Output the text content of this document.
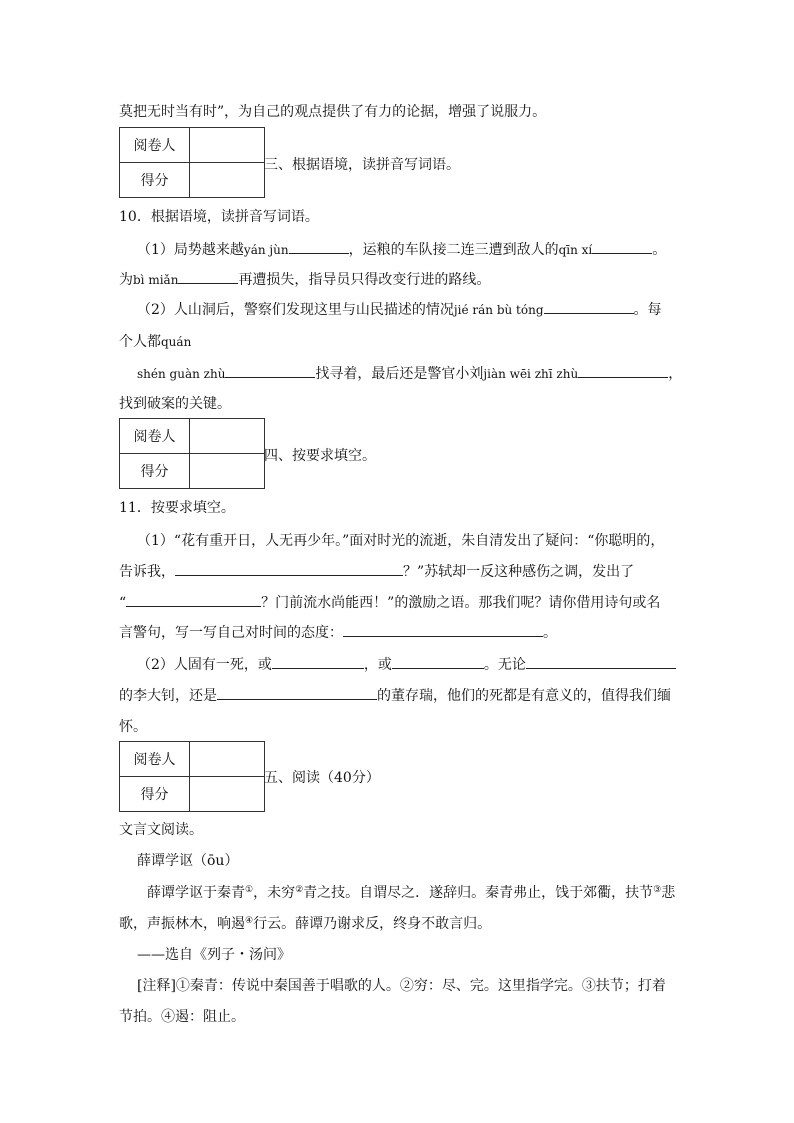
莫把无时当有时”，为自己的观点提供了有力的论据，增强了说服力。
阅卷人	
得分	
三、根据语境，读拼音写词语。
10．根据语境，读拼音写词语。
（1）局势越来越yán jùn	，运粮的车队接二连三遭到敌人的qīn xí	。
为bì miǎn	再遭损失，指导员只得改变行进的路线。
（2）人山洞后，警察们发现这里与山民描述的情况jié rán bù tóng	。每
个人都quán
shén guàn zhù	找寻着，最后还是警官小刘jiàn wēi zhī zhù	，
找到破案的关键。
阅卷人	
得分	
四、按要求填空。
11．按要求填空。
（1）“花有重开日，人无再少年。”面对时光的流逝，朱自清发出了疑问：“你聪明的，
告诉我，	？”苏轼却一反这种感伤之调，发出了
“	？门前流水尚能西！”的激励之语。那我们呢？请你借用诗句或名
言警句，写一写自己对时间的态度：	。
（2）人固有一死，或	，或	。无论
的李大钊，还是	的董存瑞，他们的死都是有意义的，值得我们缅
怀。
阅卷人	
得分	
五、阅读（40分）
文言文阅读。
薛谭学讴（ōu）
薛谭学讴于秦青①，未穷②青之技。自谓尽之．遂辞归。秦青弗止，饯于郊衢，扶节③悲
歌，声振林木，响遏④行云。薛谭乃谢求反，终身不敢言归。
——选自《列子・汤问》
[注释]①秦青：传说中秦国善于唱歌的人。②穷：尽、完。这里指学完。③扶节；打着
节拍。④遏：阻止。
